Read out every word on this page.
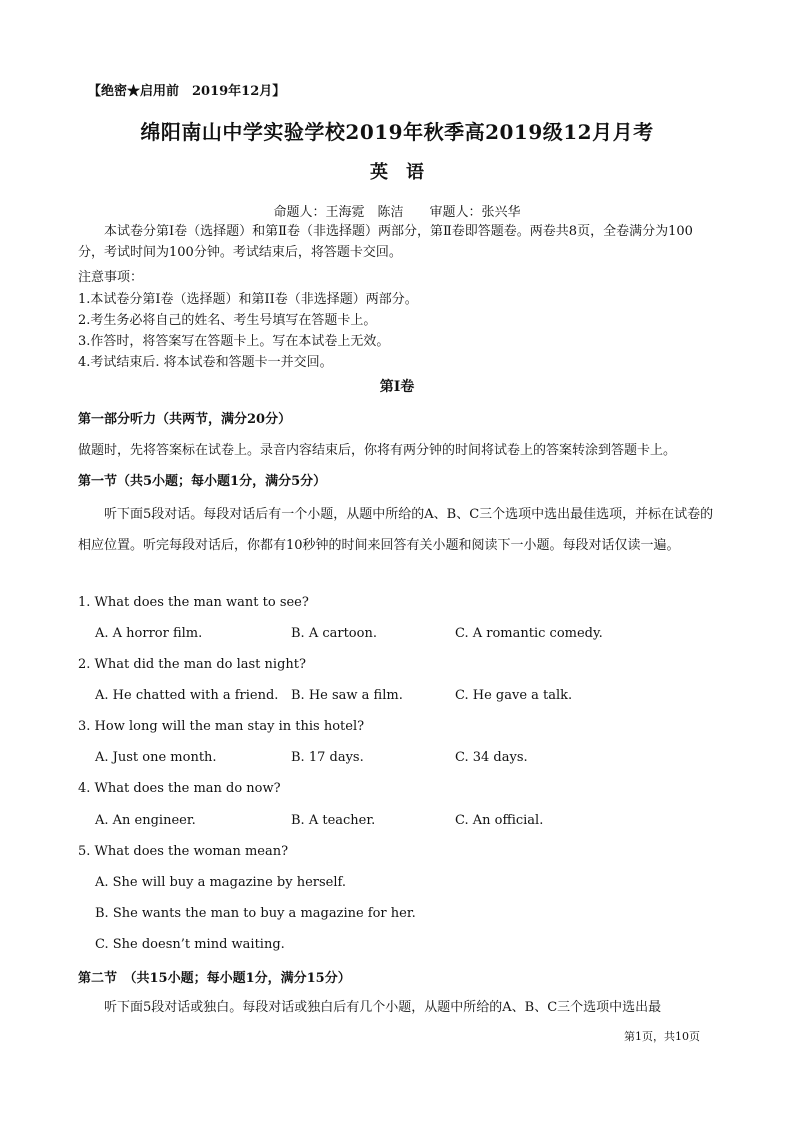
【绝密★启用前　2019年12月】
绵阳南山中学实验学校2019年秋季高2019级12月月考
英　语
命题人：王海霓　陈洁　　审题人：张兴华
本试卷分第Ⅰ卷（选择题）和第Ⅱ卷（非选择题）两部分，第Ⅱ卷即答题卷。两卷共8页，全卷满分为100分，考试时间为100分钟。考试结束后，将答题卡交回。
注意事项：
1.本试卷分第I卷（选择题）和第II卷（非选择题）两部分。
2.考生务必将自己的姓名、考生号填写在答题卡上。
3.作答时，将答案写在答题卡上。写在本试卷上无效。
4.考试结束后. 将本试卷和答题卡一并交回。
第I卷
第一部分听力（共两节，满分20分）
做题时，先将答案标在试卷上。录音内容结束后，你将有两分钟的时间将试卷上的答案转涂到答题卡上。
第一节（共5小题；每小题1分，满分5分）
听下面5段对话。每段对话后有一个小题，从题中所给的A、B、C三个选项中选出最佳选项，并标在试卷的相应位置。听完每段对话后，你都有10秒钟的时间来回答有关小题和阅读下一小题。每段对话仅读一遍。
1. What does the man want to see?
A. A horror film.	B. A cartoon.	C. A romantic comedy.
2. What did the man do last night?
A. He chatted with a friend. B. He saw a film.	C. He gave a talk.
3. How long will the man stay in this hotel?
A. Just one month.	B. 17 days.	C. 34 days.
4. What does the man do now?
A. An engineer.	B. A teacher.	C. An official.
5. What does the woman mean?
A. She will buy a magazine by herself.
B. She wants the man to buy a magazine for her.
C. She doesn’t mind waiting.
第二节　（共15小题；每小题1分，满分15分）
听下面5段对话或独白。每段对话或独白后有几个小题，从题中所给的A、B、C三个选项中选出最
第1页，共10页
